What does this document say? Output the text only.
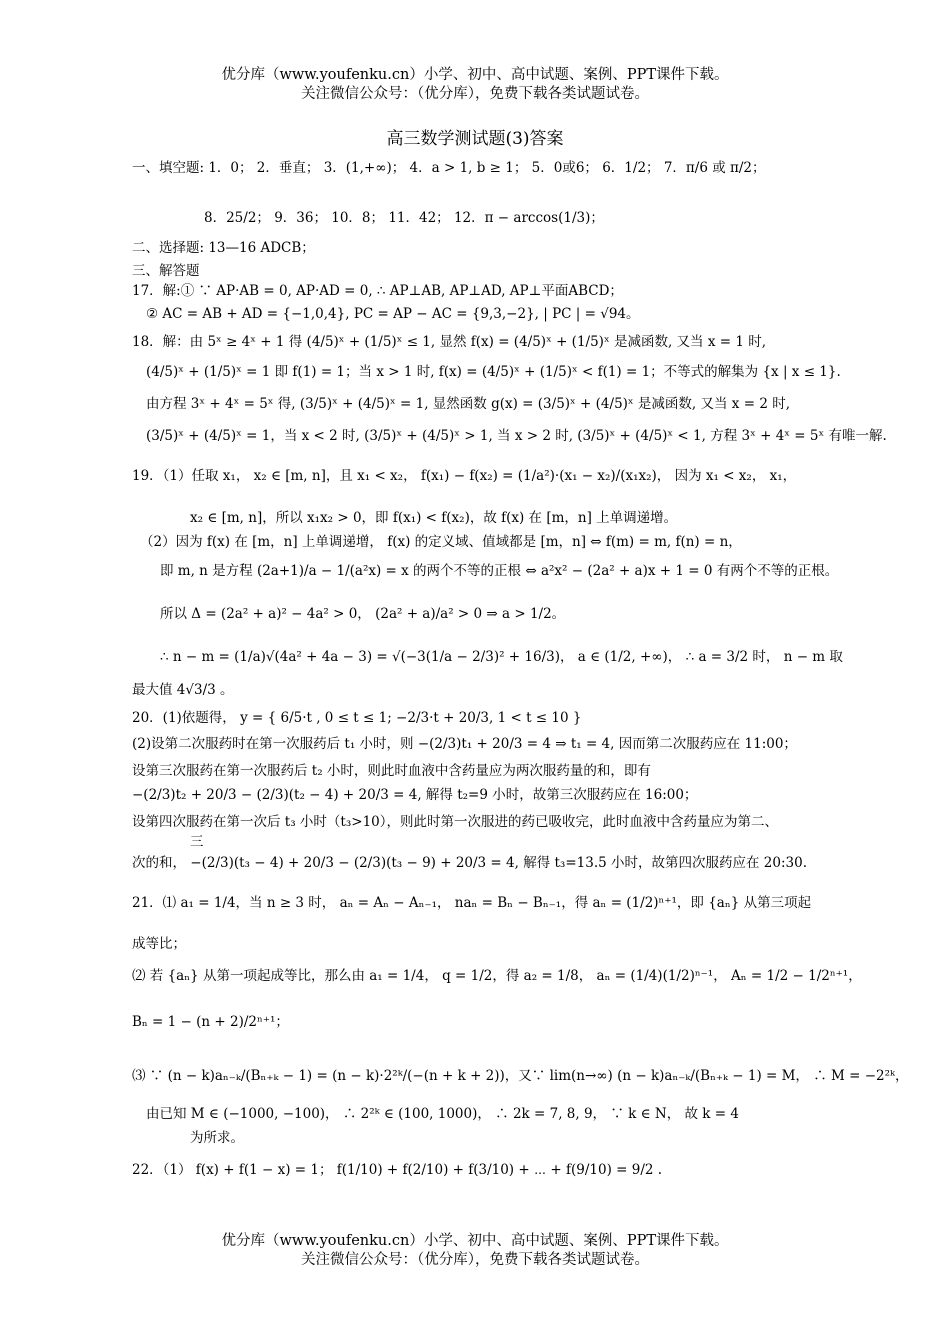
优分库（www.youfenku.cn）小学、初中、高中试题、案例、PPT课件下载。
关注微信公众号：（优分库），免费下载各类试题试卷。
高三数学测试题(3)答案
一、填空题: 1．0； 2．垂直； 3．(1,+∞)； 4．a > 1, b ≥ 1； 5．0或6； 6．1/2； 7．π/6 或 π/2；
8．25/2； 9．36； 10．8； 11．42； 12．π − arccos(1/3)；
二、选择题: 13—16 ADCB；
三、解答题
17．解:① ∵ AP·AB = 0, AP·AD = 0, ∴ AP⊥AB, AP⊥AD, AP⊥平面ABCD；
② AC = AB + AD = {−1,0,4}, PC = AP − AC = {9,3,−2}, | PC | = √94。
18．解：由 5ˣ ≥ 4ˣ + 1 得 (4/5)ˣ + (1/5)ˣ ≤ 1, 显然 f(x) = (4/5)ˣ + (1/5)ˣ 是减函数, 又当 x = 1 时,
(4/5)ˣ + (1/5)ˣ = 1 即 f(1) = 1；当 x > 1 时, f(x) = (4/5)ˣ + (1/5)ˣ < f(1) = 1；不等式的解集为 {x | x ≤ 1}.
由方程 3ˣ + 4ˣ = 5ˣ 得, (3/5)ˣ + (4/5)ˣ = 1, 显然函数 g(x) = (3/5)ˣ + (4/5)ˣ 是减函数, 又当 x = 2 时,
(3/5)ˣ + (4/5)ˣ = 1，当 x < 2 时, (3/5)ˣ + (4/5)ˣ > 1, 当 x > 2 时, (3/5)ˣ + (4/5)ˣ < 1, 方程 3ˣ + 4ˣ = 5ˣ 有唯一解.
19．（1）任取 x₁， x₂ ∈ [m, n]，且 x₁ < x₂， f(x₁) − f(x₂) = (1/a²)·(x₁ − x₂)/(x₁x₂)， 因为 x₁ < x₂， x₁，
x₂ ∈ [m, n]，所以 x₁x₂ > 0，即 f(x₁) < f(x₂)，故 f(x) 在 [m，n] 上单调递增。
（2）因为 f(x) 在 [m，n] 上单调递增， f(x) 的定义域、值域都是 [m，n] ⇔ f(m) = m, f(n) = n，
即 m, n 是方程 (2a+1)/a − 1/(a²x) = x 的两个不等的正根 ⇔ a²x² − (2a² + a)x + 1 = 0 有两个不等的正根。
所以 Δ = (2a² + a)² − 4a² > 0， (2a² + a)/a² > 0 ⇒ a > 1/2。
∴ n − m = (1/a)√(4a² + 4a − 3) = √(−3(1/a − 2/3)² + 16/3)， a ∈ (1/2, +∞)， ∴ a = 3/2 时， n − m 取
最大值 4√3/3 。
20．(1)依题得， y = { 6/5·t , 0 ≤ t ≤ 1; −2/3·t + 20/3, 1 < t ≤ 10 }
(2)设第二次服药时在第一次服药后 t₁ 小时，则 −(2/3)t₁ + 20/3 = 4 ⇒ t₁ = 4, 因而第二次服药应在 11:00；
设第三次服药在第一次服药后 t₂ 小时，则此时血液中含药量应为两次服药量的和，即有
−(2/3)t₂ + 20/3 − (2/3)(t₂ − 4) + 20/3 = 4, 解得 t₂=9 小时，故第三次服药应在 16:00；
设第四次服药在第一次后 t₃ 小时（t₃>10），则此时第一次服进的药已吸收完，此时血液中含药量应为第二、
三
次的和， −(2/3)(t₃ − 4) + 20/3 − (2/3)(t₃ − 9) + 20/3 = 4, 解得 t₃=13.5 小时，故第四次服药应在 20:30.
21．⑴ a₁ = 1/4，当 n ≥ 3 时， aₙ = Aₙ − Aₙ₋₁， naₙ = Bₙ − Bₙ₋₁，得 aₙ = (1/2)ⁿ⁺¹，即 {aₙ} 从第三项起
成等比；
⑵ 若 {aₙ} 从第一项起成等比，那么由 a₁ = 1/4， q = 1/2，得 a₂ = 1/8， aₙ = (1/4)(1/2)ⁿ⁻¹， Aₙ = 1/2 − 1/2ⁿ⁺¹，
Bₙ = 1 − (n + 2)/2ⁿ⁺¹；
⑶ ∵ (n − k)aₙ₋ₖ/(Bₙ₊ₖ − 1) = (n − k)·2²ᵏ/(−(n + k + 2))，又∵ lim(n→∞) (n − k)aₙ₋ₖ/(Bₙ₊ₖ − 1) = M， ∴ M = −2²ᵏ，
由已知 M ∈ (−1000, −100)， ∴ 2²ᵏ ∈ (100, 1000)， ∴ 2k = 7, 8, 9， ∵ k ∈ N， 故 k = 4
为所求。
22．（1） f(x) + f(1 − x) = 1； f(1/10) + f(2/10) + f(3/10) + ⋯ + f(9/10) = 9/2 .
优分库（www.youfenku.cn）小学、初中、高中试题、案例、PPT课件下载。
关注微信公众号：（优分库），免费下载各类试题试卷。
